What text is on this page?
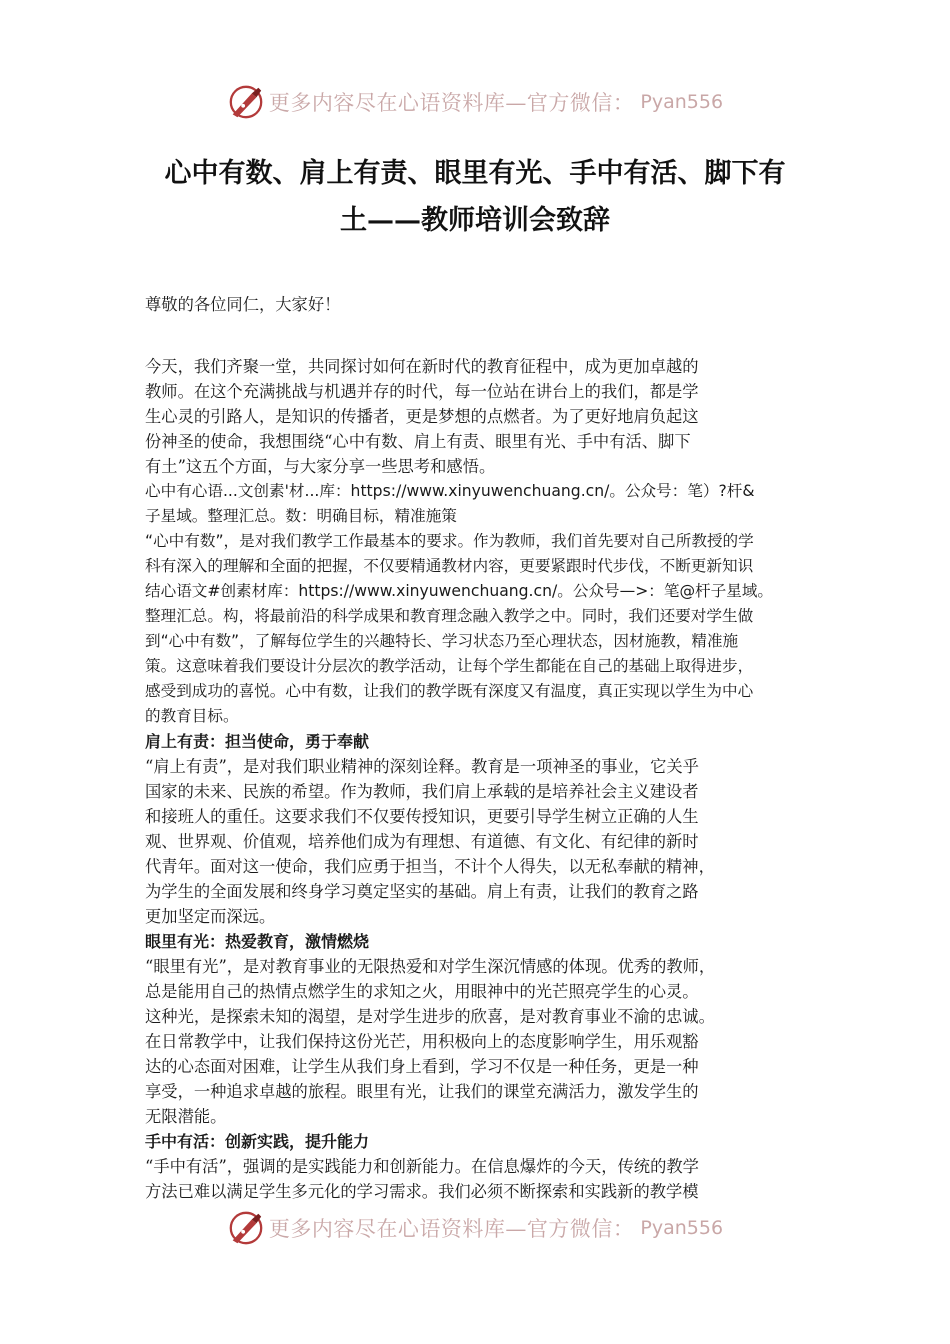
更多内容尽在心语资料库—官方微信： Pyan556
心中有数、肩上有责、眼里有光、手中有活、脚下有
土——教师培训会致辞
尊敬的各位同仁，大家好！
今天，我们齐聚一堂，共同探讨如何在新时代的教育征程中，成为更加卓越的
教师。在这个充满挑战与机遇并存的时代，每一位站在讲台上的我们，都是学
生心灵的引路人，是知识的传播者，更是梦想的点燃者。为了更好地肩负起这
份神圣的使命，我想围绕“心中有数、肩上有责、眼里有光、手中有活、脚下
有土”这五个方面，与大家分享一些思考和感悟。
心中有心语...文创素'材...库：https://www.xinyuwenchuang.cn/。公众号：笔）?杆&
子星域。整理汇总。数：明确目标，精准施策
“心中有数”，是对我们教学工作最基本的要求。作为教师，我们首先要对自己所教授的学
科有深入的理解和全面的把握，不仅要精通教材内容，更要紧跟时代步伐，不断更新知识
结心语文#创素材库：https://www.xinyuwenchuang.cn/。公众号—>：笔@杆子星域。
整理汇总。构，将最前沿的科学成果和教育理念融入教学之中。同时，我们还要对学生做
到“心中有数”，了解每位学生的兴趣特长、学习状态乃至心理状态，因材施教，精准施
策。这意味着我们要设计分层次的教学活动，让每个学生都能在自己的基础上取得进步，
感受到成功的喜悦。心中有数，让我们的教学既有深度又有温度，真正实现以学生为中心
的教育目标。
肩上有责：担当使命，勇于奉献
“肩上有责”，是对我们职业精神的深刻诠释。教育是一项神圣的事业，它关乎
国家的未来、民族的希望。作为教师，我们肩上承载的是培养社会主义建设者
和接班人的重任。这要求我们不仅要传授知识，更要引导学生树立正确的人生
观、世界观、价值观，培养他们成为有理想、有道德、有文化、有纪律的新时
代青年。面对这一使命，我们应勇于担当，不计个人得失，以无私奉献的精神，
为学生的全面发展和终身学习奠定坚实的基础。肩上有责，让我们的教育之路
更加坚定而深远。
眼里有光：热爱教育，激情燃烧
“眼里有光”，是对教育事业的无限热爱和对学生深沉情感的体现。优秀的教师，
总是能用自己的热情点燃学生的求知之火，用眼神中的光芒照亮学生的心灵。
这种光，是探索未知的渴望，是对学生进步的欣喜，是对教育事业不渝的忠诚。
在日常教学中，让我们保持这份光芒，用积极向上的态度影响学生，用乐观豁
达的心态面对困难，让学生从我们身上看到，学习不仅是一种任务，更是一种
享受，一种追求卓越的旅程。眼里有光，让我们的课堂充满活力，激发学生的
无限潜能。
手中有活：创新实践，提升能力
“手中有活”，强调的是实践能力和创新能力。在信息爆炸的今天，传统的教学
方法已难以满足学生多元化的学习需求。我们必须不断探索和实践新的教学模
更多内容尽在心语资料库—官方微信： Pyan556
